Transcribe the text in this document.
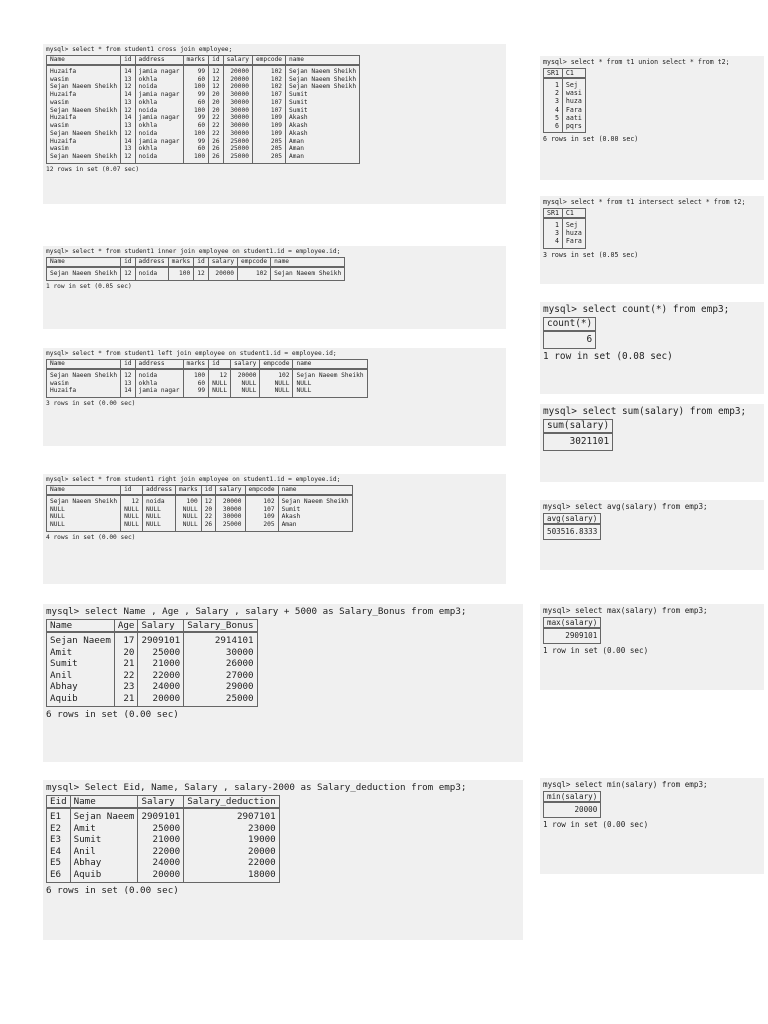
mysql> select * from student1 cross join employee;
Name	id	address	marks	id	salary	empcode	name
Huzaifa	14	jamia nagar	99	12	20000	102	Sejan Naeem Sheikh
wasim	13	okhla	60	12	20000	102	Sejan Naeem Sheikh
Sejan Naeem Sheikh	12	noida	100	12	20000	102	Sejan Naeem Sheikh
Huzaifa	14	jamia nagar	99	20	30000	107	Sumit
wasim	13	okhla	60	20	30000	107	Sumit
Sejan Naeem Sheikh	12	noida	100	20	30000	107	Sumit
Huzaifa	14	jamia nagar	99	22	30000	109	Akash
wasim	13	okhla	60	22	30000	109	Akash
Sejan Naeem Sheikh	12	noida	100	22	30000	109	Akash
Huzaifa	14	jamia nagar	99	26	25000	205	Aman
wasim	13	okhla	60	26	25000	205	Aman
Sejan Naeem Sheikh	12	noida	100	26	25000	205	Aman
12 rows in set (0.07 sec)
mysql> select * from student1 inner join employee on student1.id = employee.id;
Name	id	address	marks	id	salary	empcode	name
Sejan Naeem Sheikh	12	noida	100	12	20000	102	Sejan Naeem Sheikh
1 row in set (0.05 sec)
mysql> select * from student1 left join employee on student1.id = employee.id;
Name	id	address	marks	id	salary	empcode	name
Sejan Naeem Sheikh	12	noida	100	12	20000	102	Sejan Naeem Sheikh
wasim	13	okhla	60	NULL	NULL	NULL	NULL
Huzaifa	14	jamia nagar	99	NULL	NULL	NULL	NULL
3 rows in set (0.00 sec)
mysql> select * from student1 right join employee on student1.id = employee.id;
Name	id	address	marks	id	salary	empcode	name
Sejan Naeem Sheikh	12	noida	100	12	20000	102	Sejan Naeem Sheikh
NULL	NULL	NULL	NULL	20	30000	107	Sumit
NULL	NULL	NULL	NULL	22	30000	109	Akash
NULL	NULL	NULL	NULL	26	25000	205	Aman
4 rows in set (0.00 sec)
mysql> select Name , Age , Salary , salary + 5000 as Salary_Bonus from emp3;
Name	Age	Salary	Salary_Bonus
Sejan Naeem	17	2909101	2914101
Amit	20	25000	30000
Sumit	21	21000	26000
Anil	22	22000	27000
Abhay	23	24000	29000
Aquib	21	20000	25000
6 rows in set (0.00 sec)
mysql> Select Eid, Name, Salary , salary-2000 as Salary_deduction from emp3;
Eid	Name	Salary	Salary_deduction
E1	Sejan Naeem	2909101	2907101
E2	Amit	25000	23000
E3	Sumit	21000	19000
E4	Anil	22000	20000
E5	Abhay	24000	22000
E6	Aquib	20000	18000
6 rows in set (0.00 sec)
mysql> select * from t1 union select * from t2;
SR1	C1
1	Sej
2	wasi
3	huza
4	Fara
5	aati
6	pqrs
6 rows in set (0.00 sec)
mysql> select * from t1 intersect select * from t2;
SR1	C1
1	Sej
3	huza
4	Fara
3 rows in set (0.05 sec)
mysql> select count(*) from emp3;
count(*)
6
1 row in set (0.08 sec)
mysql> select sum(salary) from emp3;
sum(salary)
3021101
mysql> select avg(salary) from emp3;
avg(salary)
503516.8333
mysql> select max(salary) from emp3;
max(salary)
2909101
1 row in set (0.00 sec)
mysql> select min(salary) from emp3;
min(salary)
20000
1 row in set (0.00 sec)
